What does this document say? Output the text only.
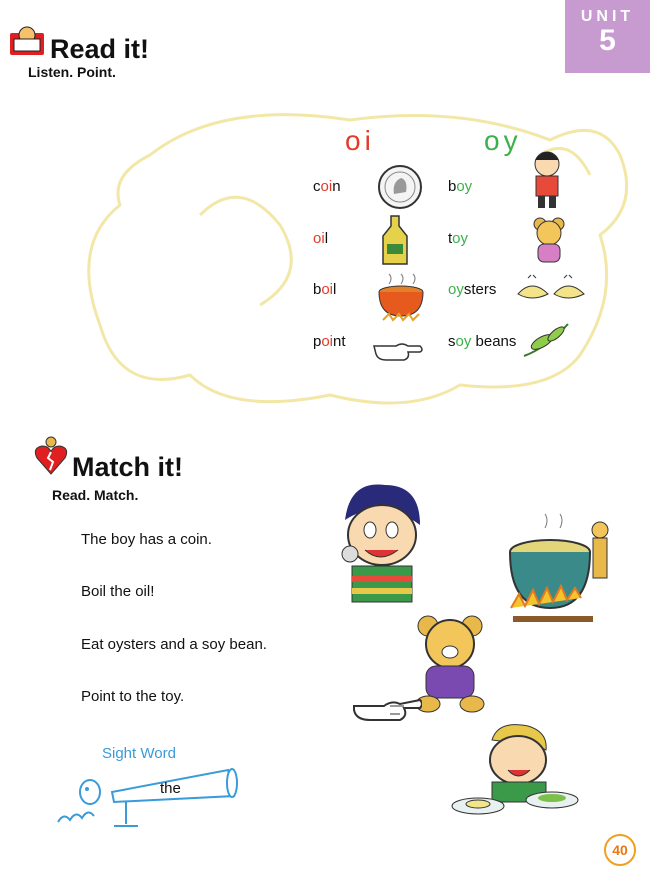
UNIT
5
Read it!
Listen. Point.
oi	oy
coin
oil
boil
point
boy
toy
oysters
soy beans
Match it!
Read. Match.
The boy has a coin.
Boil the oil!
Eat oysters and a soy bean.
Point to the toy.
Sight Word
the
40
